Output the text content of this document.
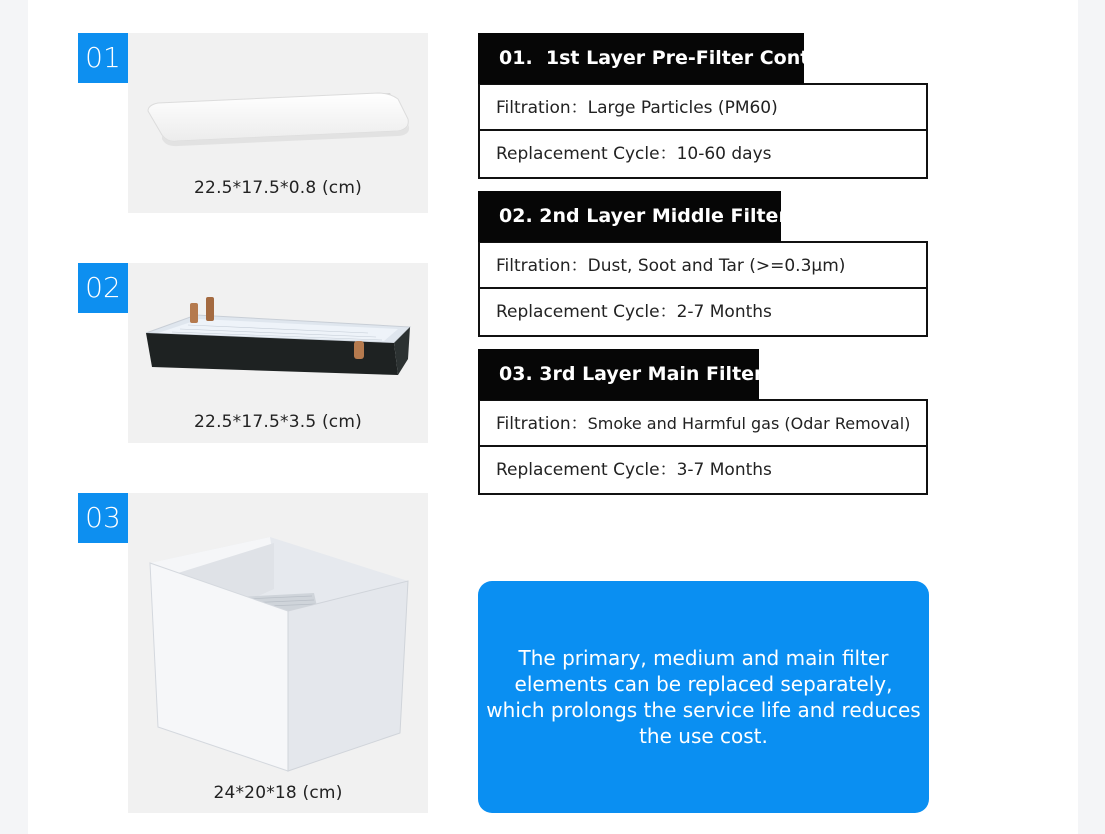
22.5*17.5*0.8 (cm)
01
22.5*17.5*3.5 (cm)
02
24*20*18 (cm)
03
01.  1st Layer Pre-Filter Contton
Filtration：Large Particles (PM60)
Replacement Cycle：10-60 days
02. 2nd Layer Middle Filter
Filtration：Dust, Soot and Tar (>=0.3μm)
Replacement Cycle：2-7 Months
03. 3rd Layer Main Filter
Filtration：Smoke and Harmful gas (Odar Removal)
Replacement Cycle：3-7 Months
The primary, medium and main filter elements can be replaced separately, which prolongs the service life and reduces the use cost.
